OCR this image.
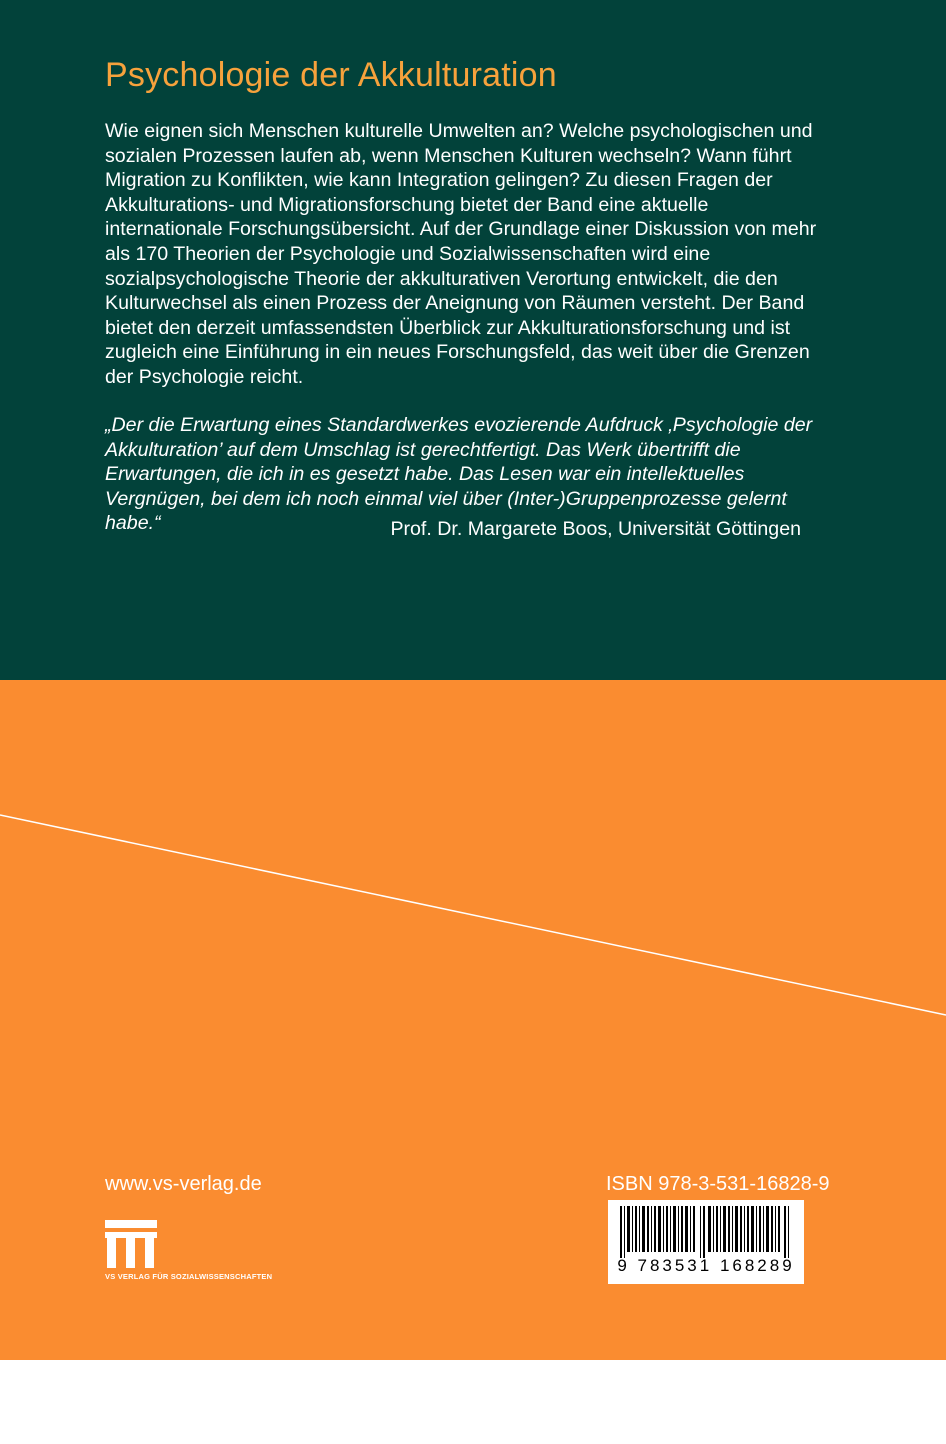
Psychologie der Akkulturation

Wie eignen sich Menschen kulturelle Umwelten an? Welche psychologischen und sozialen Prozessen laufen ab, wenn Menschen Kulturen wechseln? Wann führt Migration zu Konflikten, wie kann Integration gelingen? Zu diesen Fragen der Akkulturations- und Migrationsforschung bietet der Band eine aktuelle internationale Forschungsübersicht. Auf der Grundlage einer Diskussion von mehr als 170 Theorien der Psychologie und Sozialwissenschaften wird eine sozialpsychologische Theorie der akkulturativen Verortung entwickelt, die den Kulturwechsel als einen Prozess der Aneignung von Räumen versteht. Der Band bietet den derzeit umfassendsten Überblick zur Akkulturationsforschung und ist zugleich eine Einführung in ein neues Forschungsfeld, das weit über die Grenzen der Psychologie reicht.

„Der die Erwartung eines Standardwerkes evozierende Aufdruck ‚Psychologie der Akkulturation’ auf dem Umschlag ist gerechtfertigt. Das Werk übertrifft die Erwartungen, die ich in es gesetzt habe. Das Lesen war ein intellektuelles Vergnügen, bei dem ich noch einmal viel über (Inter-)Gruppenprozesse gelernt habe.“	Prof. Dr. Margarete Boos, Universität Göttingen

Dr. Andreas Zick ist Professor für Sozialisation und Konfliktforschung an der Universität Bielefeld.

www.vs-verlag.de
VS VERLAG FÜR SOZIALWISSENSCHAFTEN
ISBN 978-3-531-16828-9
9 783531 168289
